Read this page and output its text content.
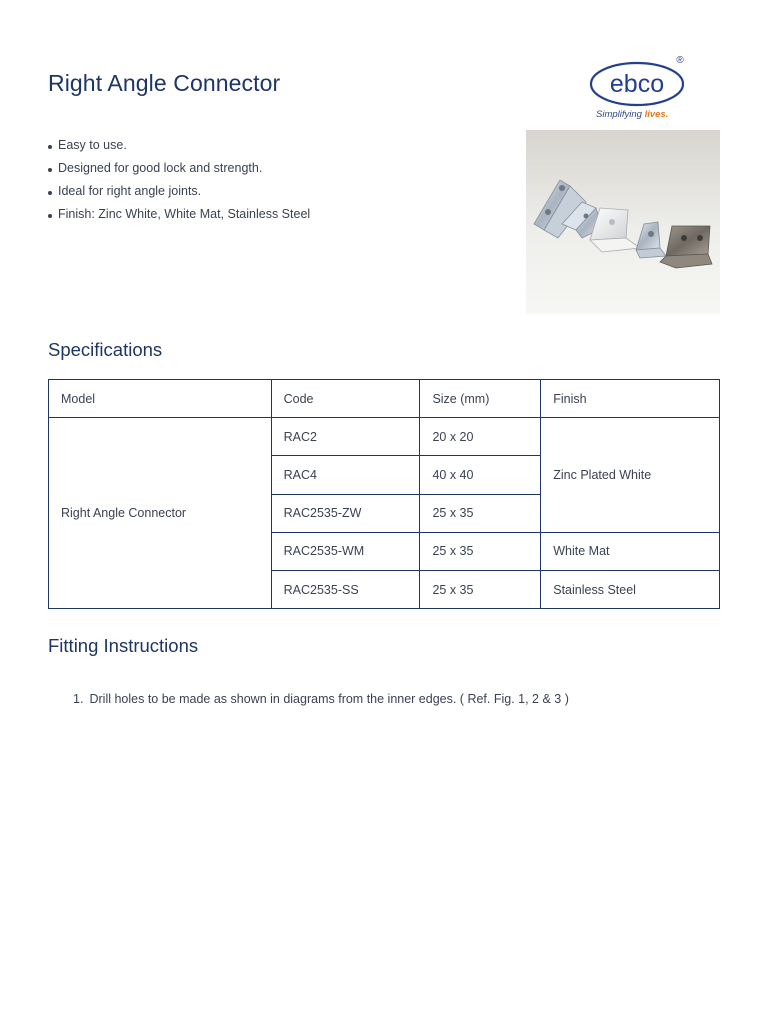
Right Angle Connector	ebco
®
Simplifying lives.
Easy to use.
Designed for good lock and strength.
Ideal for right angle joints.
Finish: Zinc White, White Mat, Stainless Steel
Specifications
Model	Code	Size (mm)	Finish
Right Angle Connector	RAC2	20 x 20	Zinc Plated White
	RAC4	40 x 40	
	RAC2535-ZW	25 x 35	
	RAC2535-WM	25 x 35	White Mat
	RAC2535-SS	25 x 35	Stainless Steel
Fitting Instructions
1. Drill holes to be made as shown in diagrams from the inner edges. ( Ref. Fig. 1, 2 & 3 )
